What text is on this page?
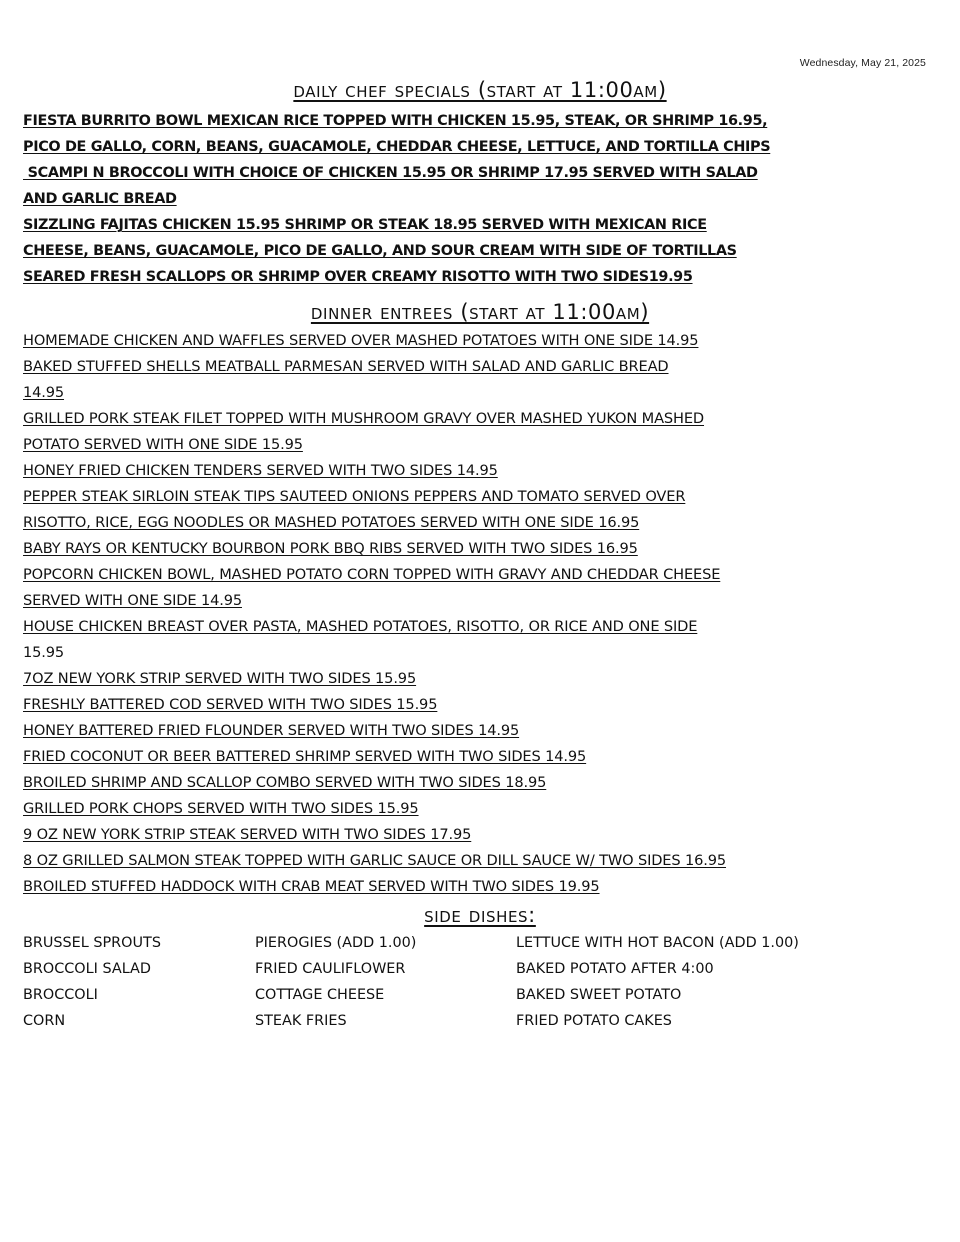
Wednesday, May 21, 2025
daily chef specials (start at 11:00am)
FIESTA BURRITO BOWL MEXICAN RICE TOPPED WITH CHICKEN 15.95, STEAK, OR SHRIMP 16.95,
PICO DE GALLO, CORN, BEANS, GUACAMOLE, CHEDDAR CHEESE, LETTUCE, AND TORTILLA CHIPS
SCAMPI N BROCCOLI WITH CHOICE OF CHICKEN 15.95 OR SHRIMP 17.95 SERVED WITH SALAD
AND GARLIC BREAD
SIZZLING FAJITAS CHICKEN 15.95 SHRIMP OR STEAK 18.95 SERVED WITH MEXICAN RICE
CHEESE, BEANS, GUACAMOLE, PICO DE GALLO, AND SOUR CREAM WITH SIDE OF TORTILLAS
SEARED FRESH SCALLOPS OR SHRIMP OVER CREAMY RISOTTO WITH TWO SIDES19.95
dinner entrees (start at 11:00am)
HOMEMADE CHICKEN AND WAFFLES SERVED OVER MASHED POTATOES WITH ONE SIDE 14.95
BAKED STUFFED SHELLS MEATBALL PARMESAN SERVED WITH SALAD AND GARLIC BREAD
14.95
GRILLED PORK STEAK FILET TOPPED WITH MUSHROOM GRAVY OVER MASHED YUKON MASHED
POTATO SERVED WITH ONE SIDE 15.95
HONEY FRIED CHICKEN TENDERS SERVED WITH TWO SIDES 14.95
PEPPER STEAK SIRLOIN STEAK TIPS SAUTEED ONIONS PEPPERS AND TOMATO SERVED OVER
RISOTTO, RICE, EGG NOODLES OR MASHED POTATOES SERVED WITH ONE SIDE 16.95
BABY RAYS OR KENTUCKY BOURBON PORK BBQ RIBS SERVED WITH TWO SIDES 16.95
POPCORN CHICKEN BOWL, MASHED POTATO CORN TOPPED WITH GRAVY AND CHEDDAR CHEESE
SERVED WITH ONE SIDE 14.95
HOUSE CHICKEN BREAST OVER PASTA, MASHED POTATOES, RISOTTO, OR RICE AND ONE SIDE
15.95
7OZ NEW YORK STRIP SERVED WITH TWO SIDES 15.95
FRESHLY BATTERED COD SERVED WITH TWO SIDES 15.95
HONEY BATTERED FRIED FLOUNDER SERVED WITH TWO SIDES 14.95
FRIED COCONUT OR BEER BATTERED SHRIMP SERVED WITH TWO SIDES 14.95
BROILED SHRIMP AND SCALLOP COMBO SERVED WITH TWO SIDES 18.95
GRILLED PORK CHOPS SERVED WITH TWO SIDES 15.95
9 OZ NEW YORK STRIP STEAK SERVED WITH TWO SIDES 17.95
8 OZ GRILLED SALMON STEAK TOPPED WITH GARLIC SAUCE OR DILL SAUCE W/ TWO SIDES 16.95
BROILED STUFFED HADDOCK WITH CRAB MEAT SERVED WITH TWO SIDES 19.95
side dishes:
BRUSSEL SPROUTS	PIEROGIES (ADD 1.00)	LETTUCE WITH HOT BACON (ADD 1.00)
BROCCOLI SALAD	FRIED CAULIFLOWER	BAKED POTATO AFTER 4:00
BROCCOLI	COTTAGE CHEESE	BAKED SWEET POTATO
CORN	STEAK FRIES	FRIED POTATO CAKES
